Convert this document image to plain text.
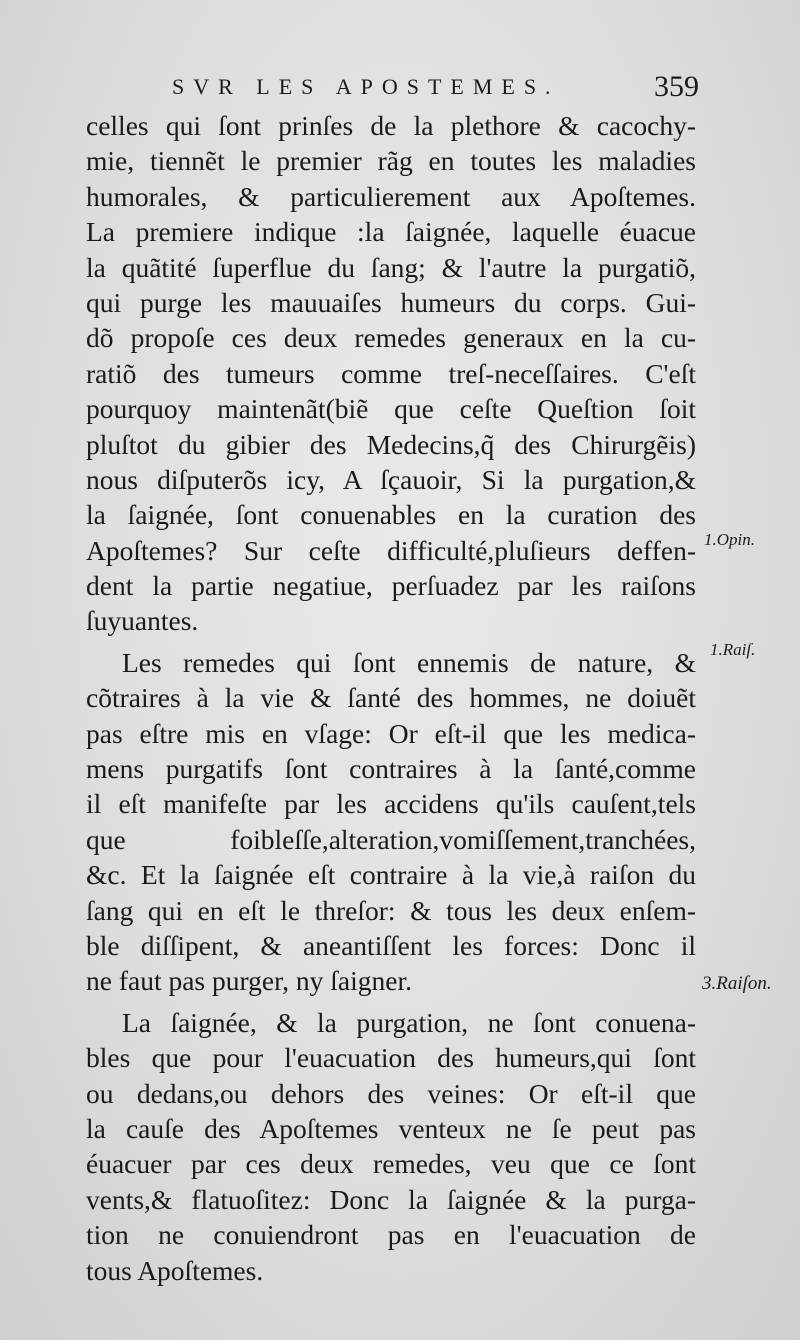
SVR LES APOSTEMES.	359
celles qui ſont prinſes de la plethore & cacochy-
mie, tiennẽt le premier rãg en toutes les maladies
humorales, & particulierement aux Apoſtemes.
La premiere indique :la ſaignée, laquelle éuacue
la quãtité ſuperflue du ſang; & l'autre la purgatiõ,
qui purge les mauuaiſes humeurs du corps. Gui-
dõ propoſe ces deux remedes generaux en la cu-
ratiõ des tumeurs comme treſ-neceſſaires. C'eſt
pourquoy maintenãt(biẽ que ceſte Queſtion ſoit
pluſtot du gibier des Medecins,q̃ des Chirurgẽis)
nous diſputerõs icy, A ſçauoir, Si la purgation,&
la ſaignée, ſont conuenables en la curation des
Apoſtemes? Sur ceſte difficulté,pluſieurs deffen-
dent la partie negatiue, perſuadez par les raiſons
ſuyuantes.
Les remedes qui ſont ennemis de nature, &
cõtraires à la vie & ſanté des hommes, ne doiuẽt
pas eſtre mis en vſage: Or eſt-il que les medica-
mens purgatifs ſont contraires à la ſanté,comme
il eſt manifeſte par les accidens qu'ils cauſent,tels
que foibleſſe,alteration,vomiſſement,tranchées,
&c. Et la ſaignée eſt contraire à la vie,à raiſon du
ſang qui en eſt le threſor: & tous les deux enſem-
ble diſſipent, & aneantiſſent les forces: Donc il
ne faut pas purger, ny ſaigner.
La ſaignée, & la purgation, ne ſont conuena-
bles que pour l'euacuation des humeurs,qui ſont
ou dedans,ou dehors des veines: Or eſt-il que
la cauſe des Apoſtemes venteux ne ſe peut pas
éuacuer par ces deux remedes, veu que ce ſont
vents,& flatuoſitez: Donc la ſaignée & la purga-
tion ne conuiendront pas en l'euacuation de
tous Apoſtemes.
1.Opin.
1.Raiſ.
3.Raiſon.
